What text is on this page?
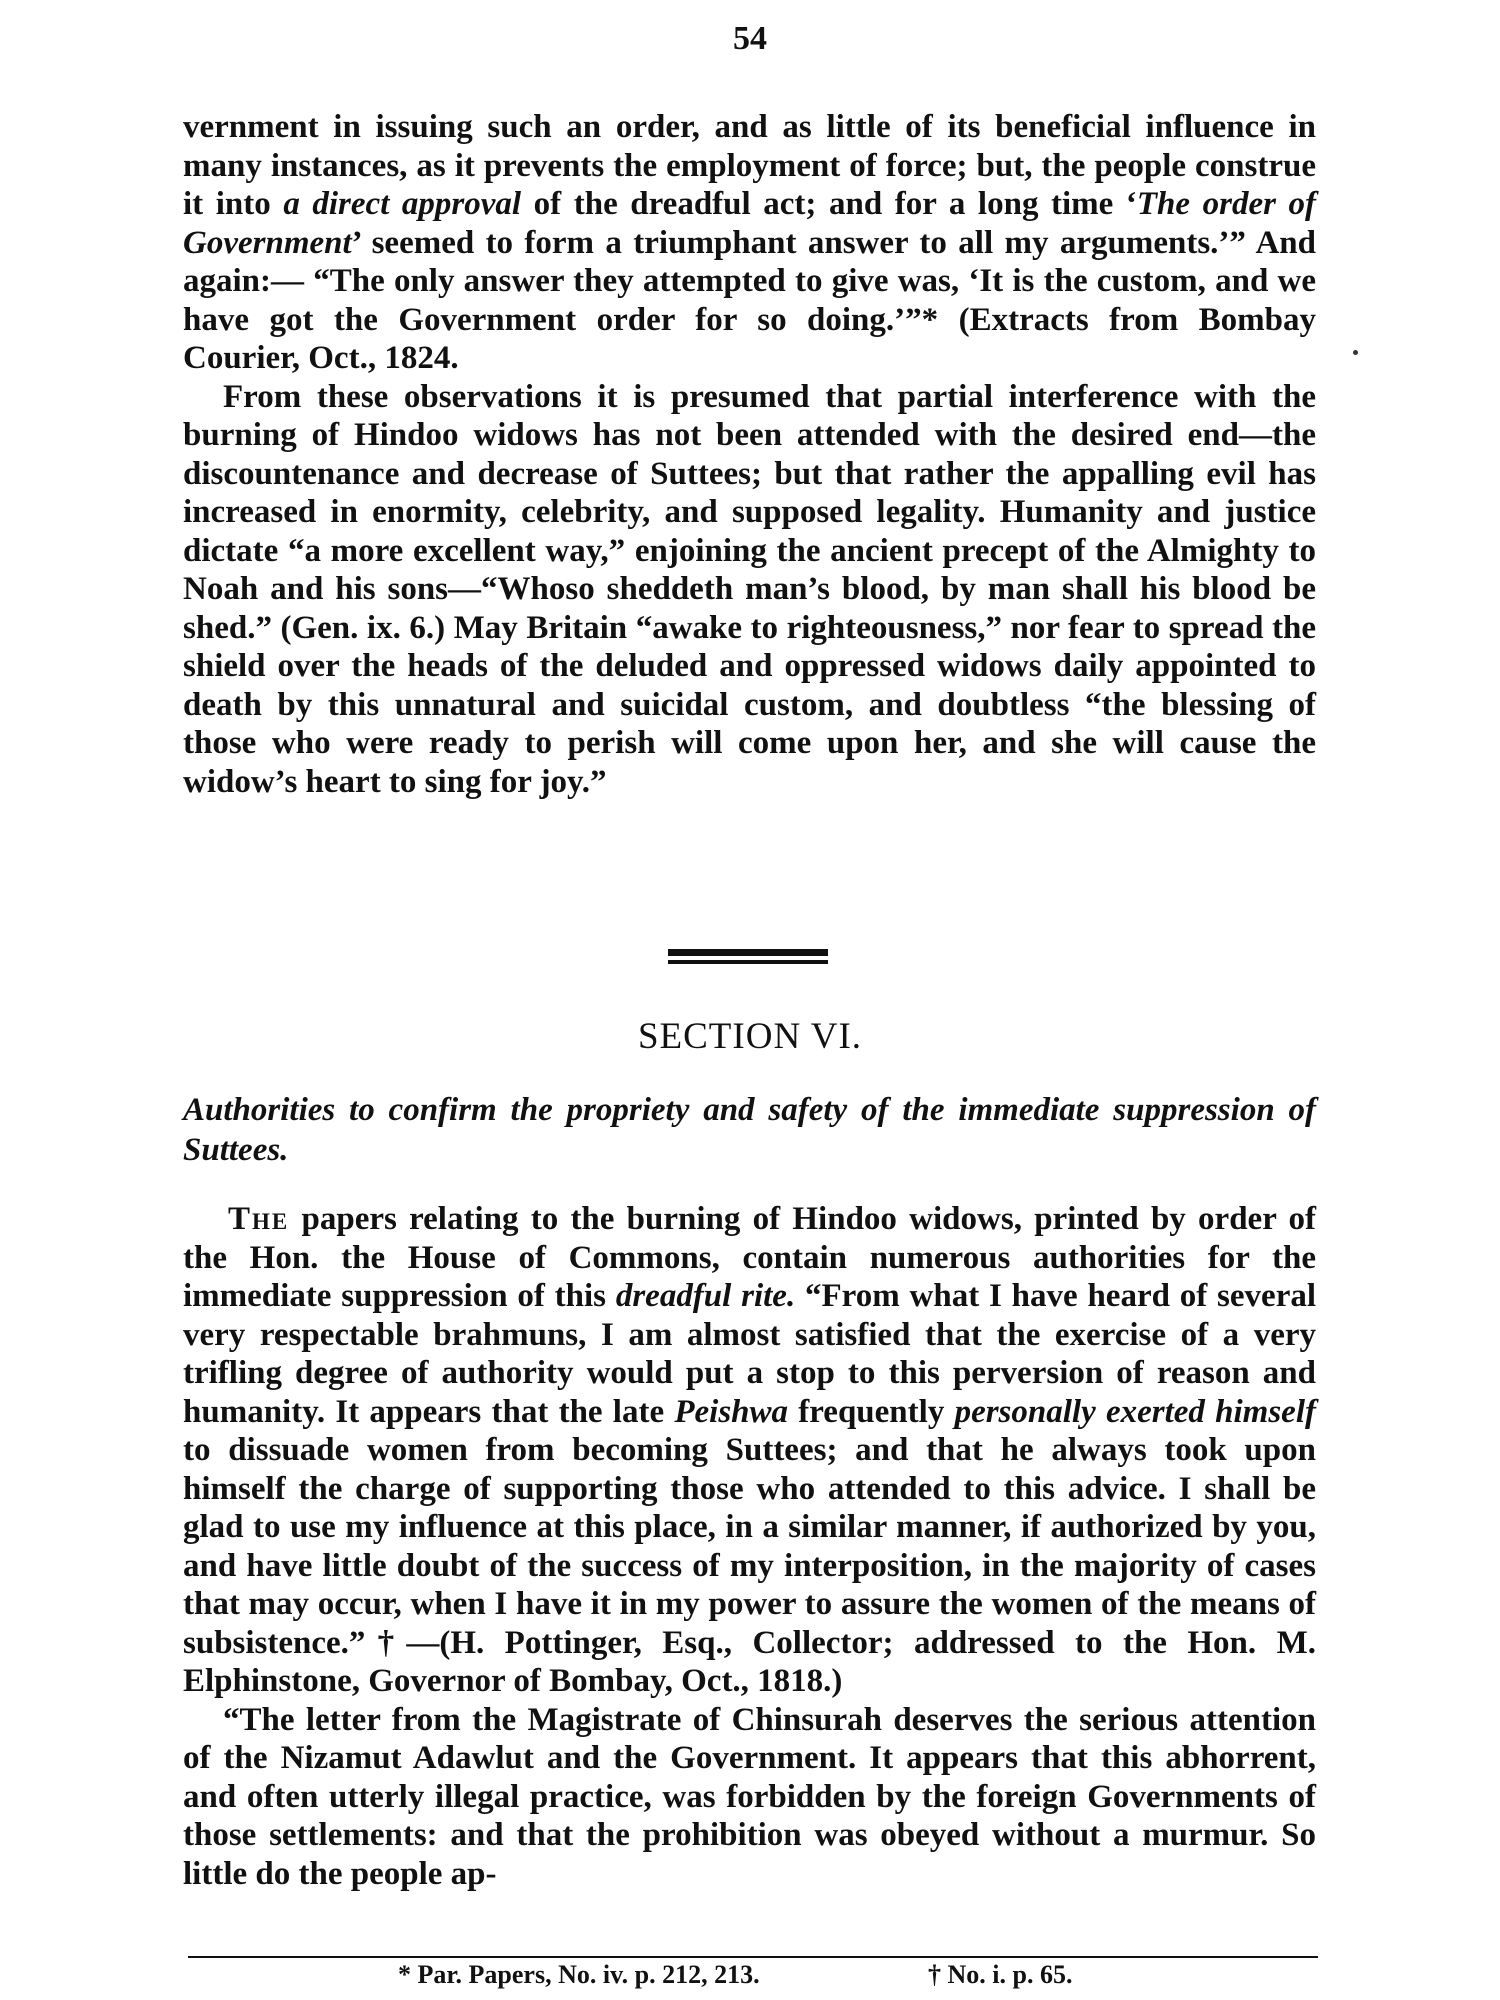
54

vernment in issuing such an order, and as little of its beneficial influence in many instances, as it prevents the employment of force; but, the people construe it into a direct approval of the dreadful act; and for a long time ‘The order of Government’ seemed to form a triumphant answer to all my arguments.’” And again:— “The only answer they attempted to give was, ‘It is the custom, and we have got the Government order for so doing.’”* (Extracts from Bombay Courier, Oct., 1824.

From these observations it is presumed that partial interference with the burning of Hindoo widows has not been attended with the desired end—the discountenance and decrease of Suttees; but that rather the appalling evil has increased in enormity, celebrity, and supposed legality. Humanity and justice dictate “a more excellent way,” enjoining the ancient precept of the Almighty to Noah and his sons—“Whoso sheddeth man’s blood, by man shall his blood be shed.” (Gen. ix. 6.) May Britain “awake to righteousness,” nor fear to spread the shield over the heads of the deluded and oppressed widows daily appointed to death by this unnatural and suicidal custom, and doubtless “the blessing of those who were ready to perish will come upon her, and she will cause the widow’s heart to sing for joy.”

SECTION VI.
Authorities to confirm the propriety and safety of the immediate suppression of Suttees.

The papers relating to the burning of Hindoo widows, printed by order of the Hon. the House of Commons, contain numerous authorities for the immediate suppression of this dreadful rite. “From what I have heard of several very respectable brahmuns, I am almost satisfied that the exercise of a very trifling degree of authority would put a stop to this perversion of reason and humanity. It appears that the late Peishwa frequently personally exerted himself to dissuade women from becoming Suttees; and that he always took upon himself the charge of supporting those who attended to this advice. I shall be glad to use my influence at this place, in a similar manner, if authorized by you, and have little doubt of the success of my interposition, in the majority of cases that may occur, when I have it in my power to assure the women of the means of subsistence.”†—(H. Pottinger, Esq., Collector; addressed to the Hon. M. Elphinstone, Governor of Bombay, Oct., 1818.)

“The letter from the Magistrate of Chinsurah deserves the serious attention of the Nizamut Adawlut and the Government. It appears that this abhorrent, and often utterly illegal practice, was forbidden by the foreign Governments of those settlements: and that the prohibition was obeyed without a murmur. So little do the people ap-

* Par. Papers, No. iv. p. 212, 213.	† No. i. p. 65.
